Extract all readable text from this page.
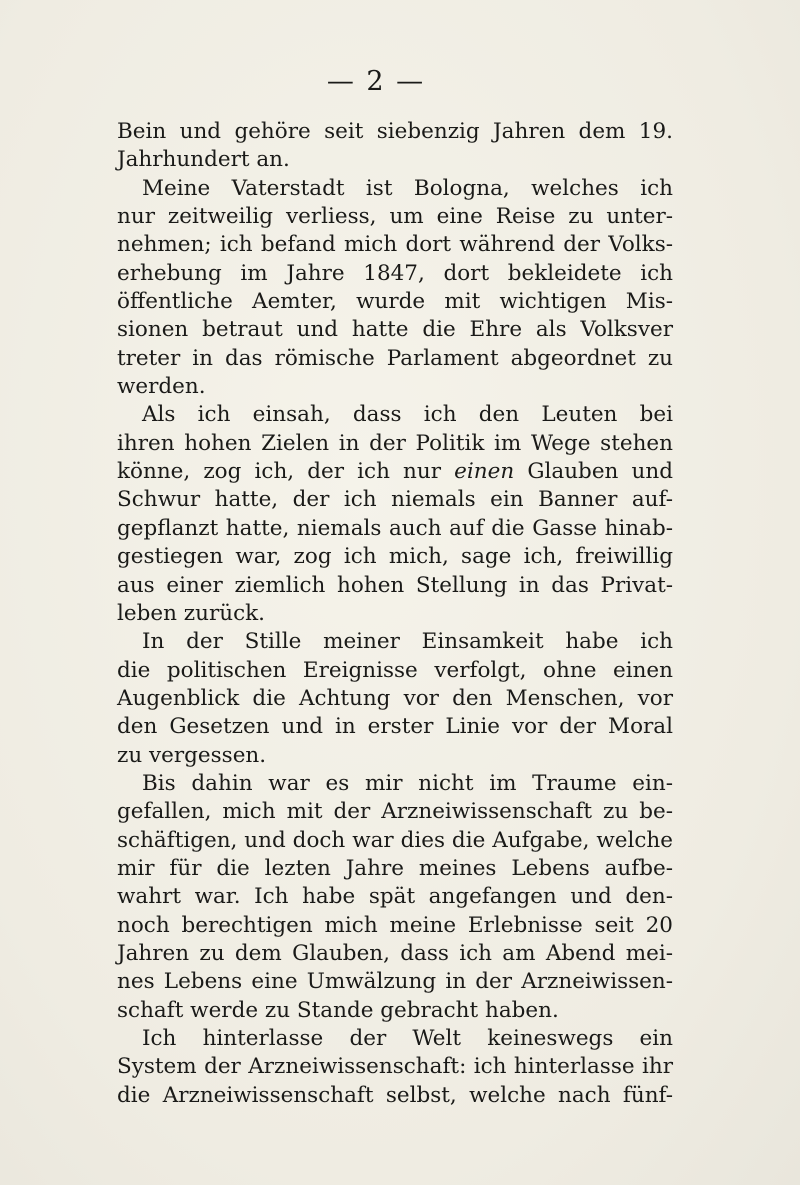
— 2 —
Bein und gehöre seit siebenzig Jahren dem 19.
Jahrhundert an.
Meine Vaterstadt ist Bologna, welches ich
nur zeitweilig verliess, um eine Reise zu unter-
nehmen; ich befand mich dort während der Volks-
erhebung im Jahre 1847, dort bekleidete ich
öffentliche Aemter, wurde mit wichtigen Mis-
sionen betraut und hatte die Ehre als Volksver
treter in das römische Parlament abgeordnet zu
werden.
Als ich einsah, dass ich den Leuten bei
ihren hohen Zielen in der Politik im Wege stehen
könne, zog ich, der ich nur einen Glauben und
Schwur hatte, der ich niemals ein Banner auf-
gepflanzt hatte, niemals auch auf die Gasse hinab-
gestiegen war, zog ich mich, sage ich, freiwillig
aus einer ziemlich hohen Stellung in das Privat-
leben zurück.
In der Stille meiner Einsamkeit habe ich
die politischen Ereignisse verfolgt, ohne einen
Augenblick die Achtung vor den Menschen, vor
den Gesetzen und in erster Linie vor der Moral
zu vergessen.
Bis dahin war es mir nicht im Traume ein-
gefallen, mich mit der Arzneiwissenschaft zu be-
schäftigen, und doch war dies die Aufgabe, welche
mir für die lezten Jahre meines Lebens aufbe-
wahrt war. Ich habe spät angefangen und den-
noch berechtigen mich meine Erlebnisse seit 20
Jahren zu dem Glauben, dass ich am Abend mei-
nes Lebens eine Umwälzung in der Arzneiwissen-
schaft werde zu Stande gebracht haben.
Ich hinterlasse der Welt keineswegs ein
System der Arzneiwissenschaft: ich hinterlasse ihr
die Arzneiwissenschaft selbst, welche nach fünf-
